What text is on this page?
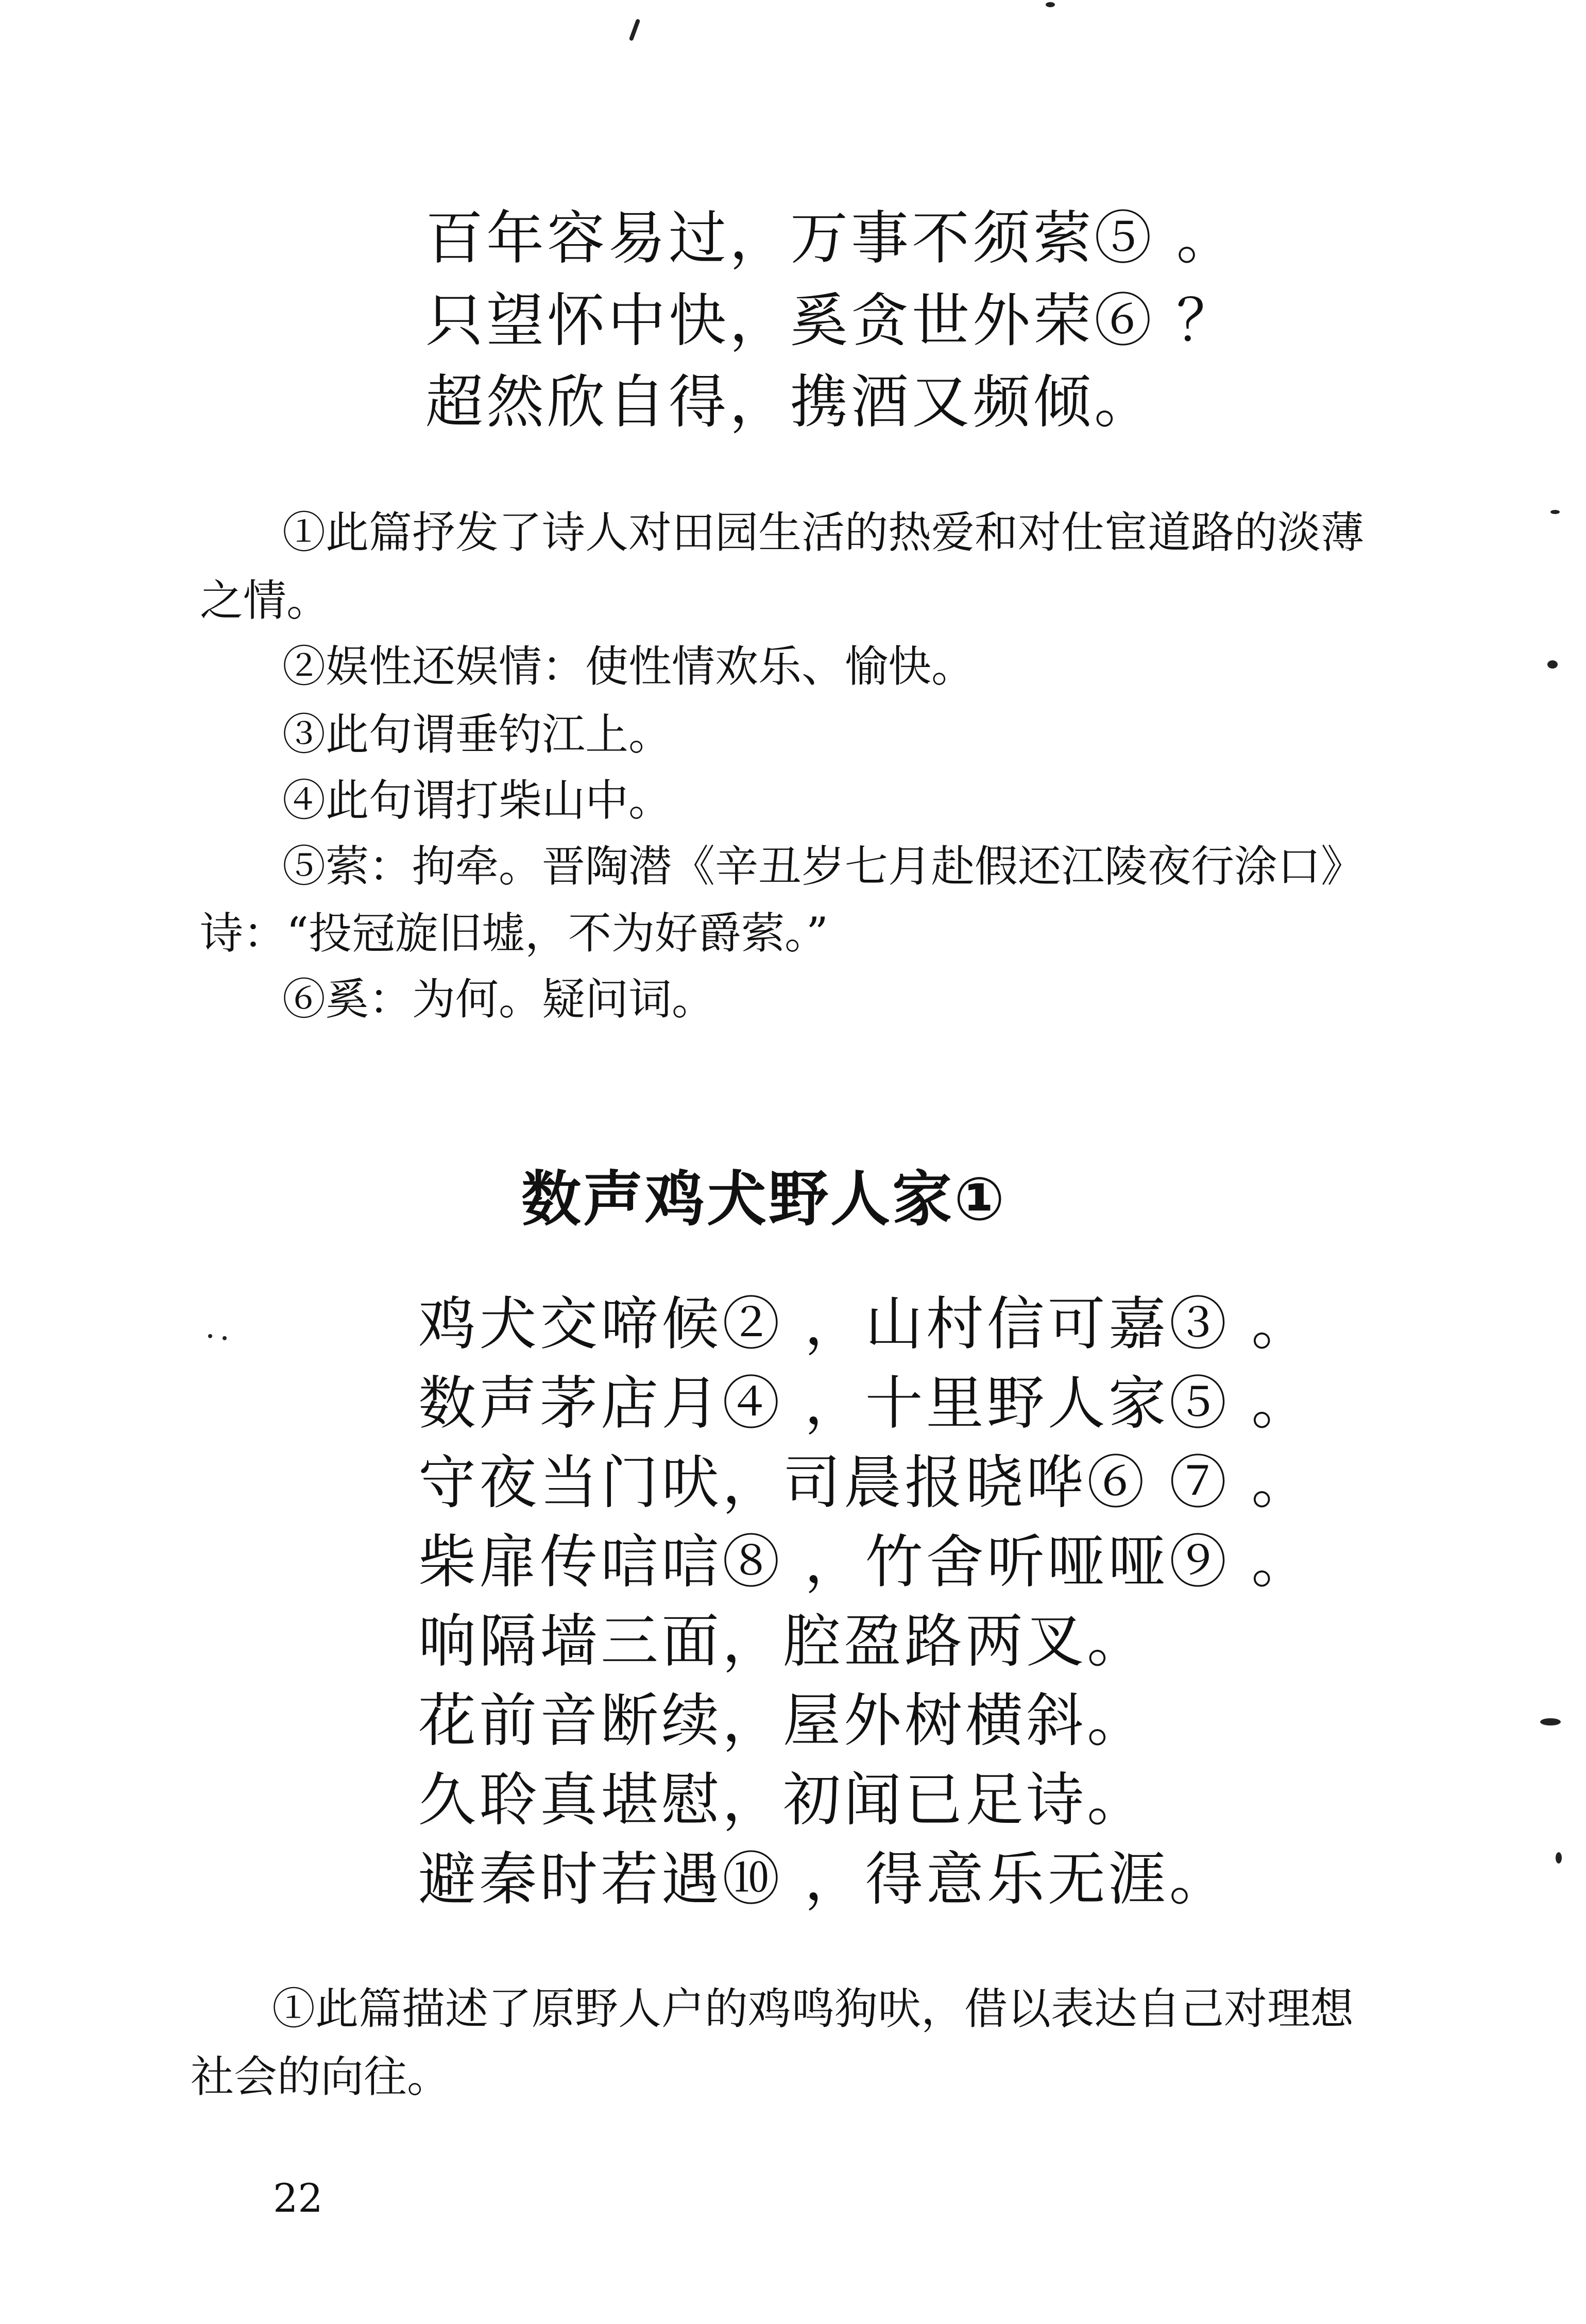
百年容易过，万事不须萦⑤ 。
只望怀中快，奚贪世外荣⑥ ？
超然欣自得，携酒又频倾。
①此篇抒发了诗人对田园生活的热爱和对仕宦道路的淡薄
之情。
②娱性还娱情：使性情欢乐、愉快。
③此句谓垂钓江上。
④此句谓打柴山中。
⑤萦：拘牵。晋陶潜《辛丑岁七月赴假还江陵夜行涂口》
诗：“投冠旋旧墟，不为好爵萦。”
⑥奚：为何。疑问词。
数声鸡犬野人家①
鸡犬交啼候② ，山村信可嘉③ 。
数声茅店月④ ，十里野人家⑤ 。
守夜当门吠，司晨报晓哗⑥ ⑦ 。
柴扉传唁唁⑧ ，竹舍听哑哑⑨ 。
响隔墙三面，腔盈路两叉。
花前音断续，屋外树横斜。
久聆真堪慰，初闻已足诗。
避秦时若遇⑩ ，得意乐无涯。
①此篇描述了原野人户的鸡鸣狗吠，借以表达自己对理想
社会的向往。
22
